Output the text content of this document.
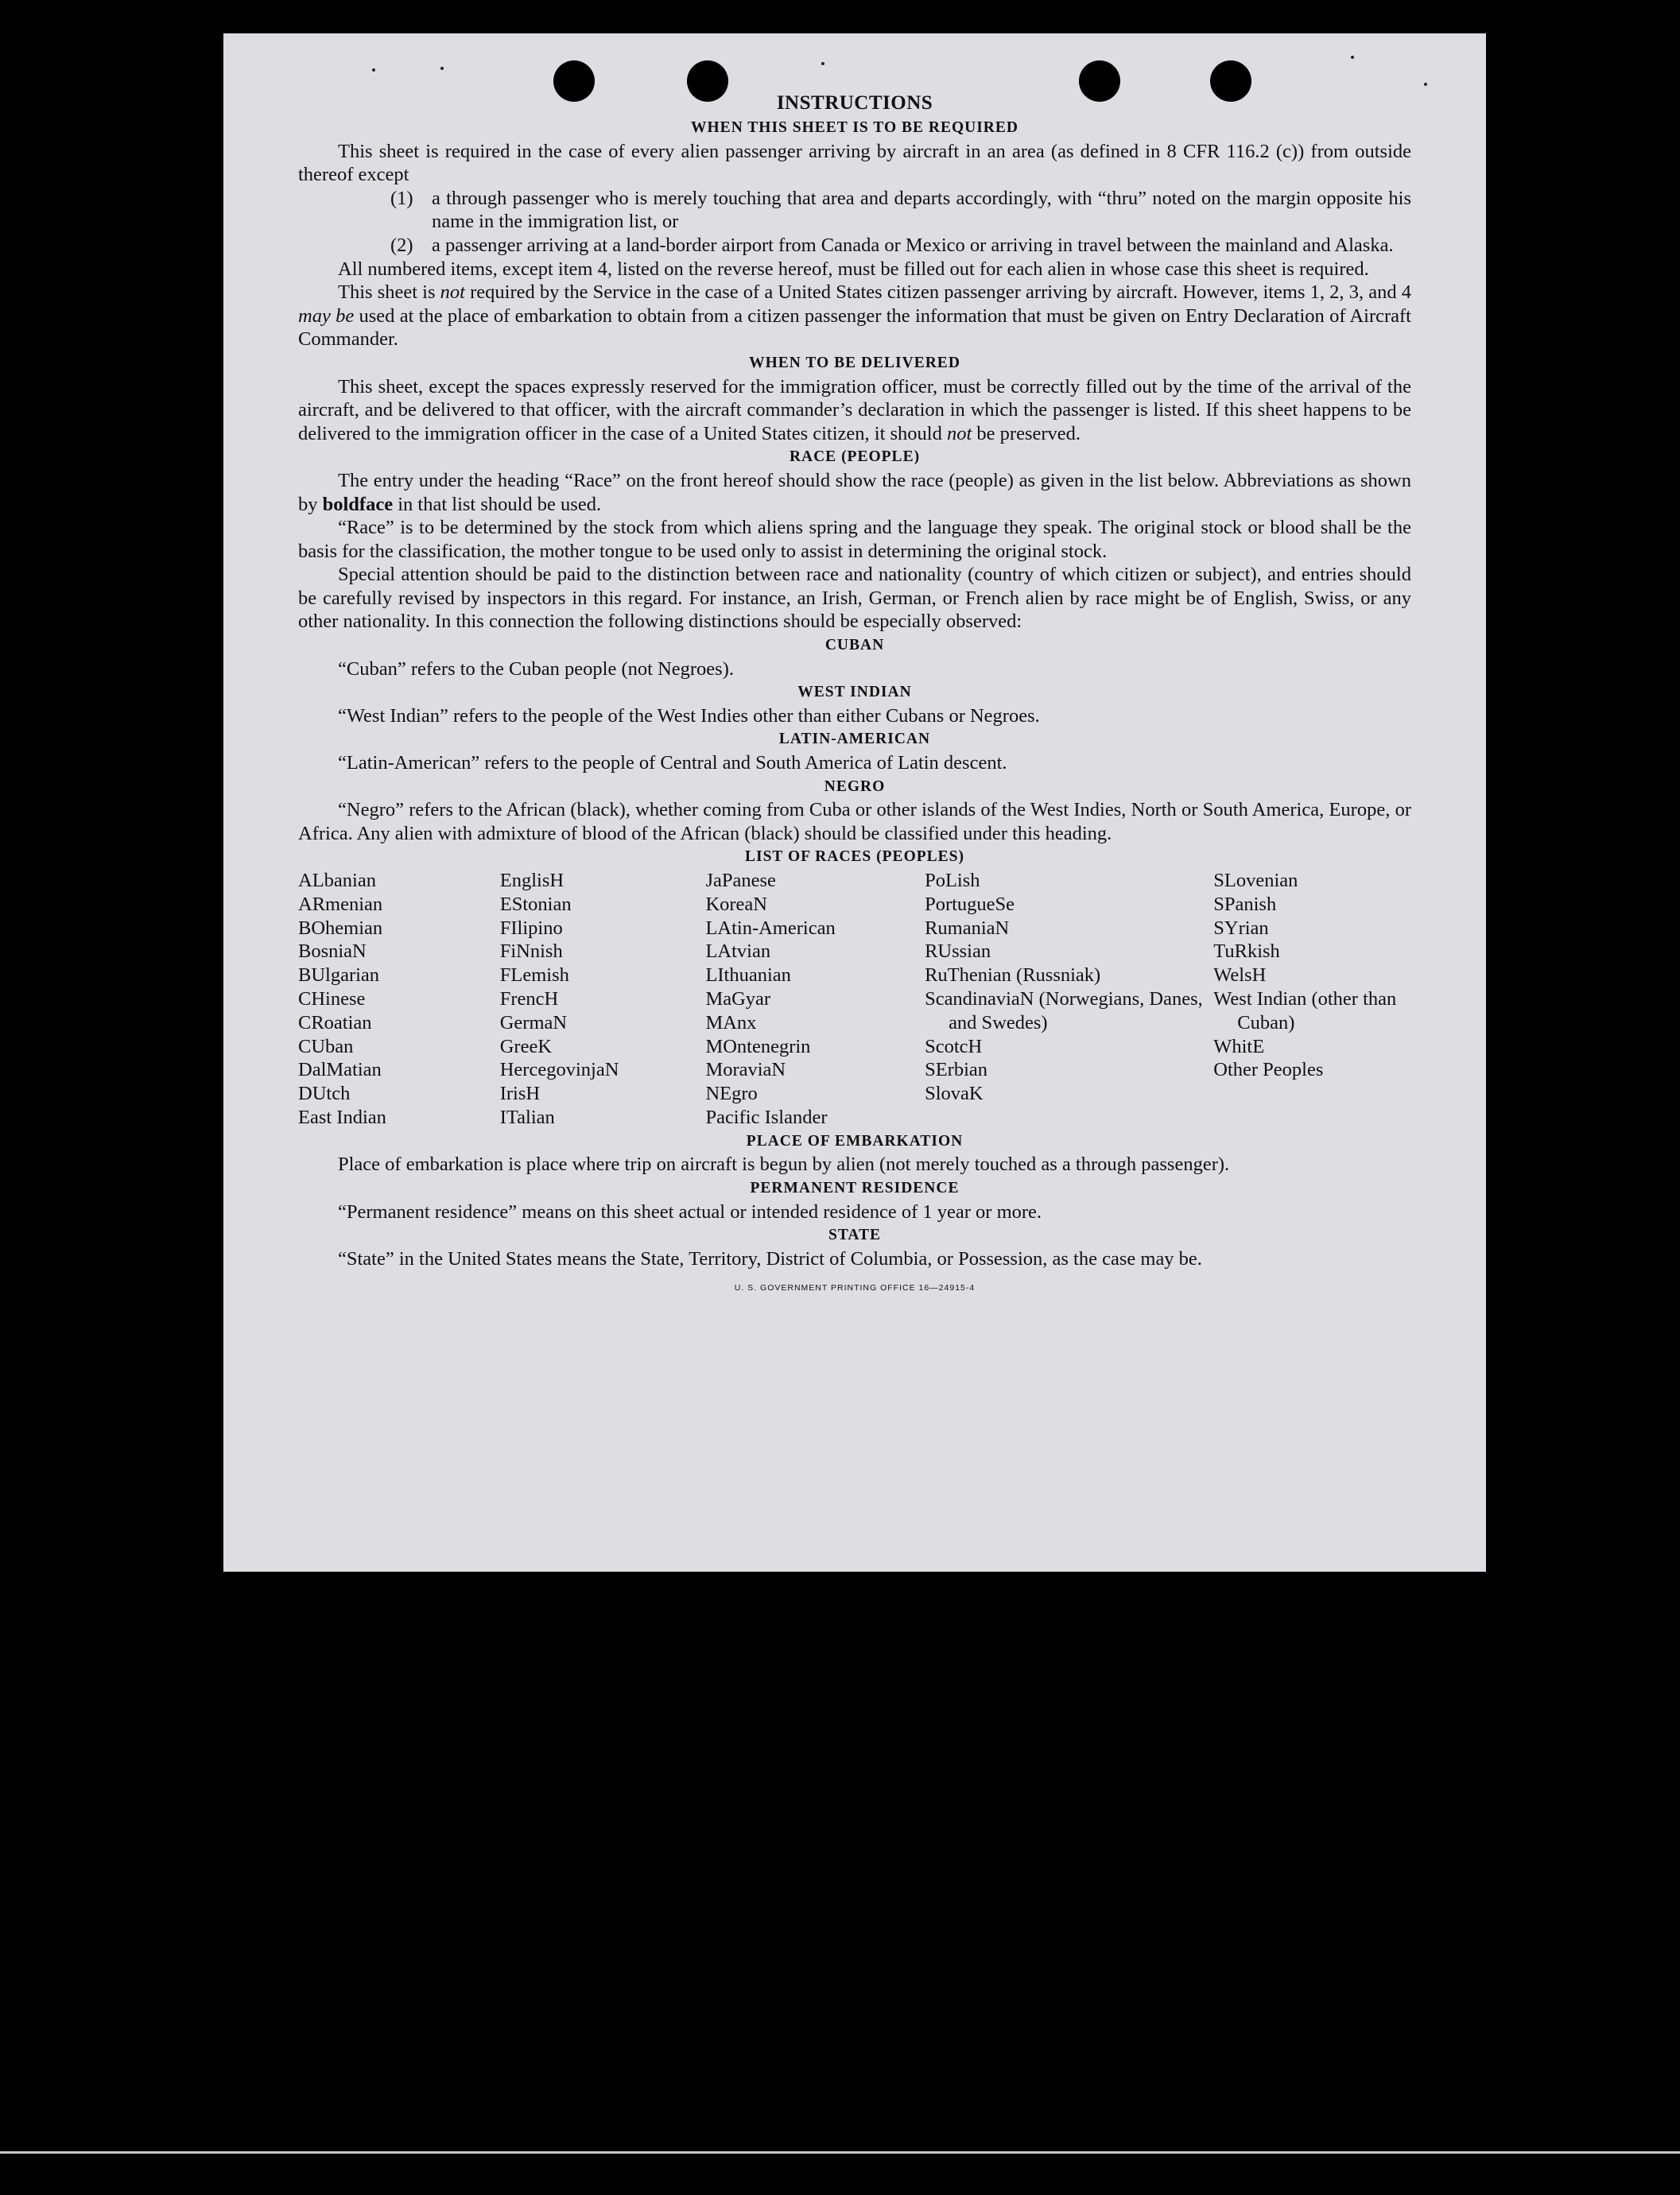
INSTRUCTIONS
WHEN THIS SHEET IS TO BE REQUIRED

This sheet is required in the case of every alien passenger arriving by aircraft in an area (as defined in 8 CFR 116.2 (c)) from outside thereof except

(1) a through passenger who is merely touching that area and departs accordingly, with “thru” noted on the margin opposite his name in the immigration list, or
(2) a passenger arriving at a land-border airport from Canada or Mexico or arriving in travel between the mainland and Alaska.

All numbered items, except item 4, listed on the reverse hereof, must be filled out for each alien in whose case this sheet is required.

This sheet is not required by the Service in the case of a United States citizen passenger arriving by aircraft. However, items 1, 2, 3, and 4 may be used at the place of embarkation to obtain from a citizen passenger the information that must be given on Entry Declaration of Aircraft Commander.

WHEN TO BE DELIVERED

This sheet, except the spaces expressly reserved for the immigration officer, must be correctly filled out by the time of the arrival of the aircraft, and be delivered to that officer, with the aircraft commander’s declaration in which the passenger is listed. If this sheet happens to be delivered to the immigration officer in the case of a United States citizen, it should not be preserved.

RACE (PEOPLE)

The entry under the heading “Race” on the front hereof should show the race (people) as given in the list below. Abbreviations as shown by boldface in that list should be used.

“Race” is to be determined by the stock from which aliens spring and the language they speak. The original stock or blood shall be the basis for the classification, the mother tongue to be used only to assist in determining the original stock.

Special attention should be paid to the distinction between race and nationality (country of which citizen or subject), and entries should be carefully revised by inspectors in this regard. For instance, an Irish, German, or French alien by race might be of English, Swiss, or any other nationality. In this connection the following distinctions should be especially observed:

CUBAN

“Cuban” refers to the Cuban people (not Negroes).

WEST INDIAN

“West Indian” refers to the people of the West Indies other than either Cubans or Negroes.

LATIN-AMERICAN

“Latin-American” refers to the people of Central and South America of Latin descent.

NEGRO

“Negro” refers to the African (black), whether coming from Cuba or other islands of the West Indies, North or South America, Europe, or Africa. Any alien with admixture of blood of the African (black) should be classified under this heading.

LIST OF RACES (PEOPLES)
ALbanian
ARmenian
BOhemian
BosniaN
BUlgarian
CHinese
CRoatian
CUban
DalMatian
DUtch
East Indian
EnglisH
EStonian
FIlipino
FiNnish
FLemish
FrencH
GermaN
GreeK
HercegovinjaN
IrisH
ITalian
JaPanese
KoreaN
LAtin-American
LAtvian
LIthuanian
MaGyar
MAnx
MOntenegrin
MoraviaN
NEgro
Pacific Islander
PoLish
PortugueSe
RumaniaN
RUssian
RuThenian (Russniak)
ScandinaviaN (Norwegians, Danes, and Swedes)
ScotcH
SErbian
SlovaK
SLovenian
SPanish
SYrian
TuRkish
WelsH
West Indian (other than Cuban)
WhitE
Other Peoples
PLACE OF EMBARKATION

Place of embarkation is place where trip on aircraft is begun by alien (not merely touched as a through passenger).

PERMANENT RESIDENCE

“Permanent residence” means on this sheet actual or intended residence of 1 year or more.

STATE

“State” in the United States means the State, Territory, District of Columbia, or Possession, as the case may be.

U. S. GOVERNMENT PRINTING OFFICE 16—24915-4
